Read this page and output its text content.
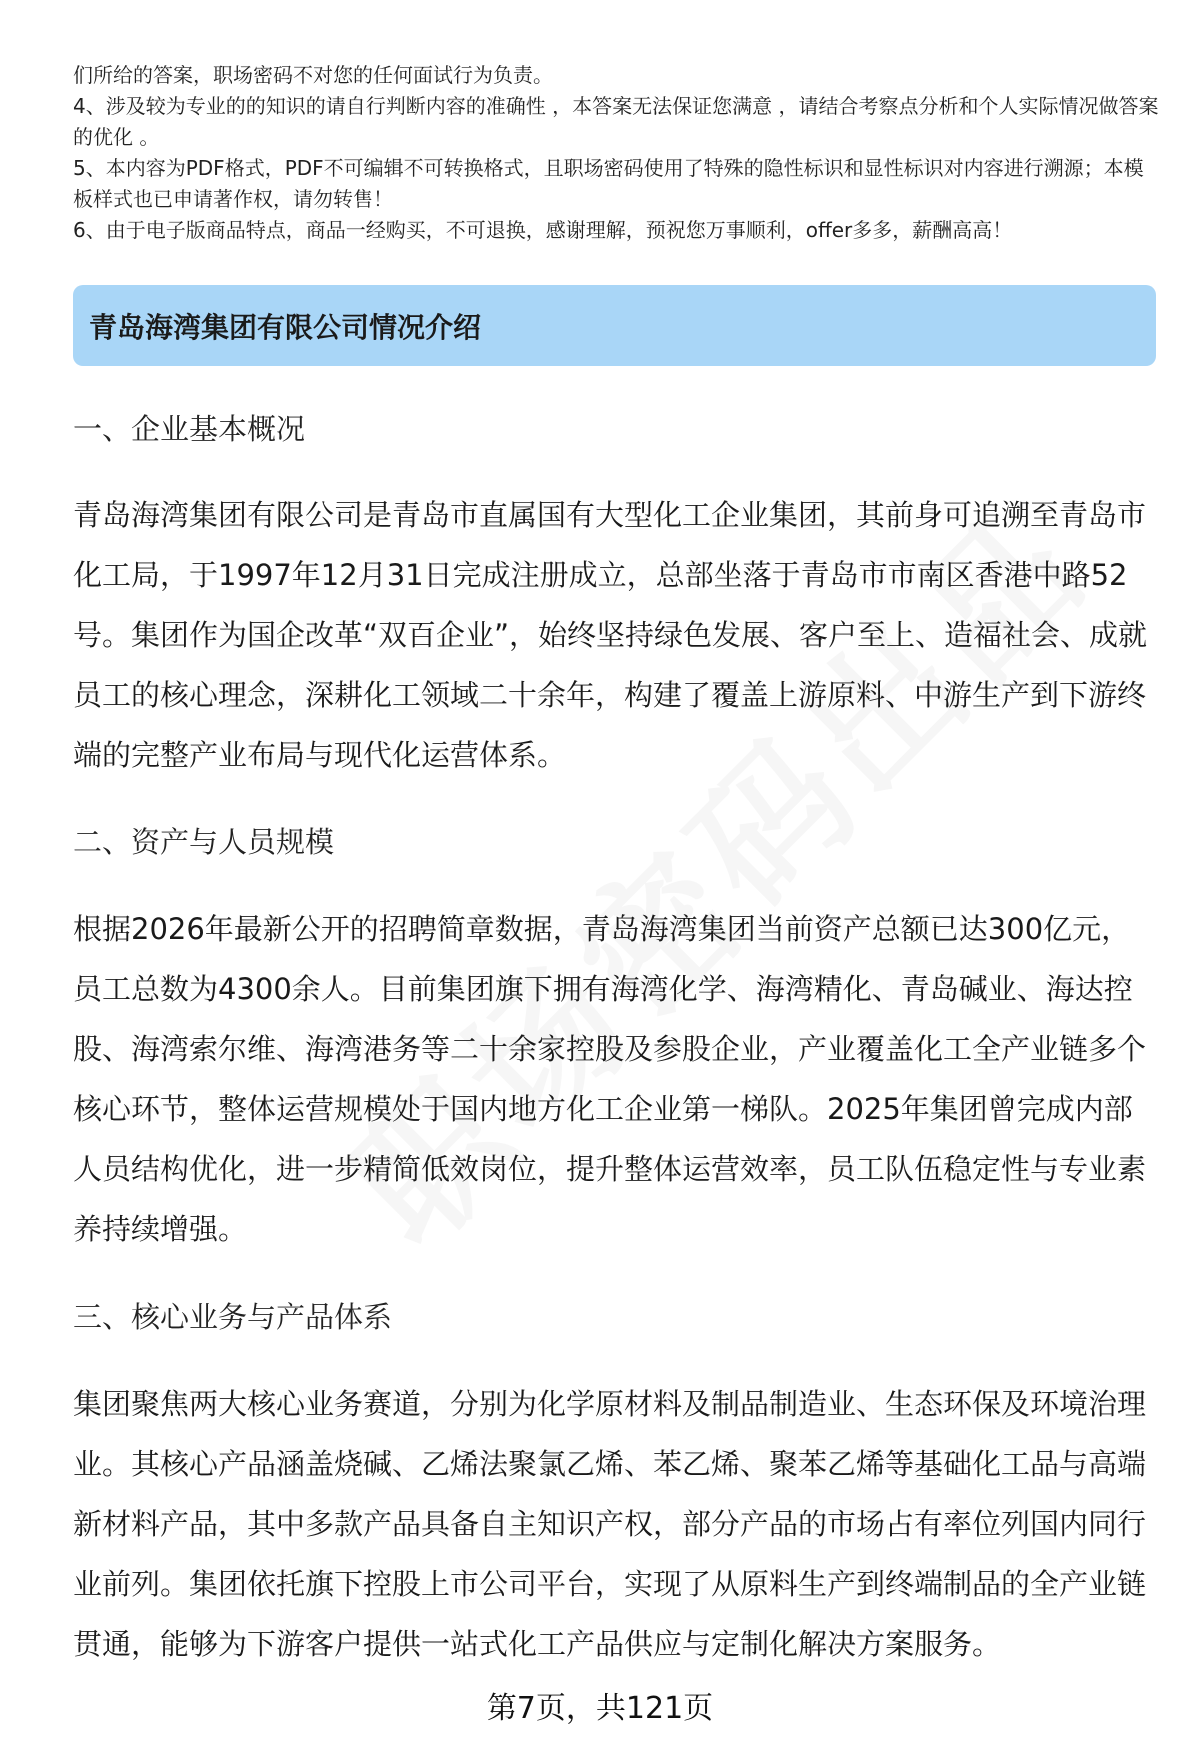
们所给的答案，职场密码不对您的任何面试行为负责。

4、涉及较为专业的的知识的请自行判断内容的准确性 ，本答案无法保证您满意 ，请结合考察点分析和个人实际情况做答案的优化 。

5、本内容为PDF格式，PDF不可编辑不可转换格式，且职场密码使用了特殊的隐性标识和显性标识对内容进行溯源；本模板样式也已申请著作权，请勿转售！

6、由于电子版商品特点，商品一经购买，不可退换，感谢理解，预祝您万事顺利，offer多多，薪酬高高！

青岛海湾集团有限公司情况介绍
一、企业基本概况

青岛海湾集团有限公司是青岛市直属国有大型化工企业集团，其前身可追溯至青岛市化工局，于1997年12月31日完成注册成立，总部坐落于青岛市市南区香港中路52号。集团作为国企改革“双百企业”，始终坚持绿色发展、客户至上、造福社会、成就员工的核心理念，深耕化工领域二十余年，构建了覆盖上游原料、中游生产到下游终端的完整产业布局与现代化运营体系。

二、资产与人员规模

根据2026年最新公开的招聘简章数据，青岛海湾集团当前资产总额已达300亿元，员工总数为4300余人。目前集团旗下拥有海湾化学、海湾精化、青岛碱业、海达控股、海湾索尔维、海湾港务等二十余家控股及参股企业，产业覆盖化工全产业链多个核心环节，整体运营规模处于国内地方化工企业第一梯队。2025年集团曾完成内部人员结构优化，进一步精简低效岗位，提升整体运营效率，员工队伍稳定性与专业素养持续增强。

三、核心业务与产品体系

集团聚焦两大核心业务赛道，分别为化学原材料及制品制造业、生态环保及环境治理业。其核心产品涵盖烧碱、乙烯法聚氯乙烯、苯乙烯、聚苯乙烯等基础化工品与高端新材料产品，其中多款产品具备自主知识产权，部分产品的市场占有率位列国内同行业前列。集团依托旗下控股上市公司平台，实现了从原料生产到终端制品的全产业链贯通，能够为下游客户提供一站式化工产品供应与定制化解决方案服务。

第7页，共121页
